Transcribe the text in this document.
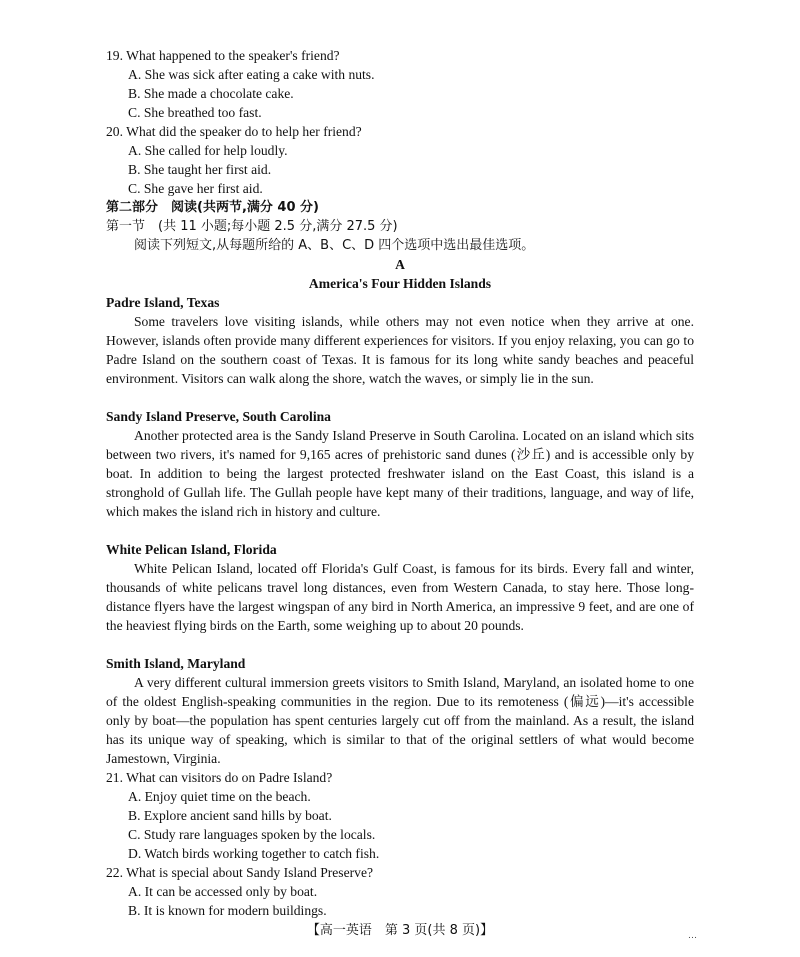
19. What happened to the speaker's friend?
A. She was sick after eating a cake with nuts.
B. She made a chocolate cake.
C. She breathed too fast.
20. What did the speaker do to help her friend?
A. She called for help loudly.
B. She taught her first aid.
C. She gave her first aid.
第二部分　阅读(共两节,满分 40 分)
第一节　(共 11 小题;每小题 2.5 分,满分 27.5 分)
阅读下列短文,从每题所给的 A、B、C、D 四个选项中选出最佳选项。
A
America's Four Hidden Islands
Padre Island, Texas

Some travelers love visiting islands, while others may not even notice when they arrive at one. However, islands often provide many different experiences for visitors. If you enjoy relaxing, you can go to Padre Island on the southern coast of Texas. It is famous for its long white sandy beaches and peaceful environment. Visitors can walk along the shore, watch the waves, or simply lie in the sun.

Sandy Island Preserve, South Carolina

Another protected area is the Sandy Island Preserve in South Carolina. Located on an island which sits between two rivers, it's named for 9,165 acres of prehistoric sand dunes (沙丘) and is accessible only by boat. In addition to being the largest protected freshwater island on the East Coast, this island is a stronghold of Gullah life. The Gullah people have kept many of their traditions, language, and way of life, which makes the island rich in history and culture.

White Pelican Island, Florida

White Pelican Island, located off Florida's Gulf Coast, is famous for its birds. Every fall and winter, thousands of white pelicans travel long distances, even from Western Canada, to stay here. Those long-distance flyers have the largest wingspan of any bird in North America, an impressive 9 feet, and are one of the heaviest flying birds on the Earth, some weighing up to about 20 pounds.

Smith Island, Maryland

A very different cultural immersion greets visitors to Smith Island, Maryland, an isolated home to one of the oldest English-speaking communities in the region. Due to its remoteness (偏远)—it's accessible only by boat—the population has spent centuries largely cut off from the mainland. As a result, the island has its unique way of speaking, which is similar to that of the original settlers of what would become Jamestown, Virginia.

21. What can visitors do on Padre Island?
A. Enjoy quiet time on the beach.
B. Explore ancient sand hills by boat.
C. Study rare languages spoken by the locals.
D. Watch birds working together to catch fish.
22. What is special about Sandy Island Preserve?
A. It can be accessed only by boat.
B. It is known for modern buildings.
【高一英语　第 3 页(共 8 页)】	…
